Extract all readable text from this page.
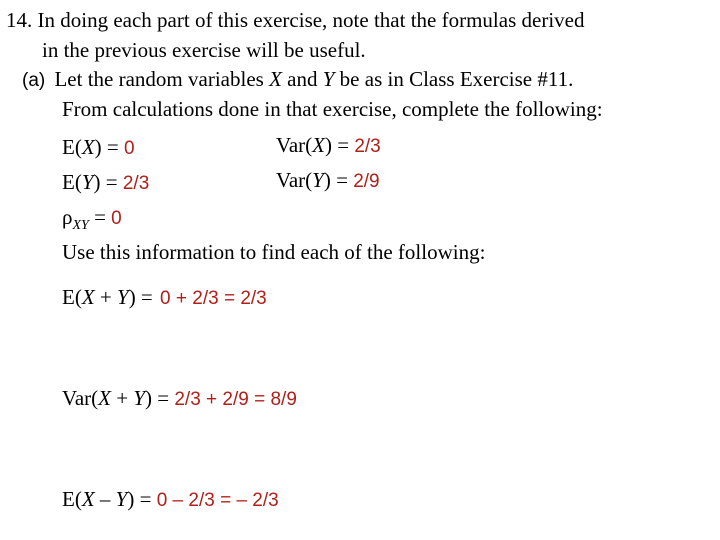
14. In doing each part of this exercise, note that the formulas derived
in the previous exercise will be useful.
(a) Let the random variables X and Y be as in Class Exercise #11.
From calculations done in that exercise, complete the following:
E(X) = 0	Var(X) = 2/3
E(Y) = 2/3	Var(Y) = 2/9
$\rho_{XY} = 0$
Use this information to find each of the following:
E(X + Y) = 0 + 2/3 = 2/3
Var(X + Y) = 2/3 + 2/9 = 8/9
E(X – Y) = 0 – 2/3 = – 2/3
